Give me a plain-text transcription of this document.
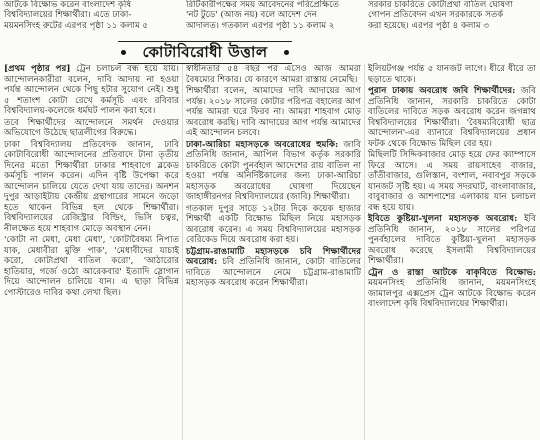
আটকে বিক্ষোভ করেন বাংলাদেশ কৃষি

বিশ্ববিদ্যালয়ের শিক্ষার্থীরা। এতে ঢাকা-

ময়মনসিংহ রুটের এরপর পৃষ্ঠা ১১ কলাম ৫

রিটিকারীপক্ষের সময় আবেদনের পরিপ্রেক্ষিতে

'নট টুডে' (আজ নয়) বলে আদেশ দেন

আদালত। গতকাল এরপর পৃষ্ঠা ১১ কলাম ২

সরকার চাকরিতে কোটাপ্রথা বাতিল ঘোষণা

গোপন প্রতিবেদন এখন সরকারকে সতর্ক

করা হয়েছে। এরপর পৃষ্ঠা ৪ কলাম ৩

কোটাবিরোধী উত্তাল

[প্রথম পৃষ্ঠার পর] ট্রেন চলাচল বন্ধ হয়ে যায়। আন্দোলনকারীরা বলেন, দাবি আদায় না হওয়া পর্যন্ত আন্দোলন থেকে পিছু হটার সুযোগ নেই। শুধু ৫ শতাংশ কোটা রেখে কর্মসূচি এবং রবিবার বিশ্ববিদ্যালয়-কলেজে ধর্মঘট পালন করা হবে।

তবে শিক্ষার্থীদের আন্দোলনে সমর্থন দেওয়ার অভিযোগে উঠেছে ছাত্রলীগের বিরুদ্ধে।

ঢাকা বিশ্ববিদ্যালয় প্রতিবেদক জানান, ঢাবি কোটাবিরোধী আন্দোলনের প্রতিবাদে টানা তৃতীয় দিনের মতো শিক্ষার্থীরা ঢাকার শাহবাগে ব্লকেড কর্মসূচি পালন করেন। এদিন বৃষ্টি উপেক্ষা করে আন্দোলন চালিয়ে যেতে দেখা যায় তাদের। অনশন দুপুর আড়াইটায় কেন্দ্রীয় গ্রন্থাগারের সামনে জড়ো হতে থাকেন বিভিন্ন হল থেকে শিক্ষার্থীরা। বিশ্ববিদ্যালয়ের রেজিস্ট্রার বিল্ডিং, ভিসি চত্বর, নীলক্ষেত হয়ে শাহবাগ মোড়ে অবস্থান নেন।

'কোটা না মেধা, মেধা মেধা', 'কোটাবৈষম্য নিপাত যাক, মেধাবীরা মুক্তি পাক', 'মেধাবীদের যাচাই করো, কোটাপ্রথা বাতিল করো', 'আঠারোর হাতিয়ার, গর্জে ওঠো আরেকবার' ইত্যাদি স্লোগান দিয়ে আন্দোলন চালিয়ে যান। এ ছাড়া বিভিন্ন পোস্টারেও দাবির কথা লেখা ছিল।

স্বাধীনতার ৫৪ বছর পর এসেও আজ আমরা বৈষম্যের শিকার। যে কারণে আমরা রাস্তায় নেমেছি।

শিক্ষার্থীরা বলেন, আমাদের দাবি আদায়ের আগ পর্যন্ত। ২০১৮ সালের কোটার পরিপত্র বহালের আগ পর্যন্ত আমরা ঘরে ফিরব না। আমরা শাহবাগ মোড় অবরোধ করছি। দাবি আদায়ের আগ পর্যন্ত আমাদের এই আন্দোলন চলবে।

ঢাকা-আরিচা মহাসড়কে অবরোধের হুমকি: জাবি প্রতিনিধি জানান, আপিল বিভাগ কর্তৃক সরকারি চাকরিতে কোটা পুনর্বহাল আদেশের রায় বাতিল না হওয়া পর্যন্ত অনির্দিষ্টকালের জন্য ঢাকা-আরিচা মহাসড়ক অবরোধের ঘোষণা দিয়েছেন জাহাঙ্গীরনগর বিশ্ববিদ্যালয়ের (জাবি) শিক্ষার্থীরা।

গতকাল দুপুর সাড়ে ১২টার দিকে কয়েক হাজার শিক্ষার্থী একটি বিক্ষোভ মিছিল নিয়ে মহাসড়ক অবরোধ করেন। এ সময় বিশ্ববিদ্যালয়ের মহাসড়ক বেরিকেড দিয়ে অবরোধ করা হয়।

চট্টগ্রাম-রাঙামাটি মহাসড়কে চবি শিক্ষার্থীদের অবরোধ: চবি প্রতিনিধি জানান, কোটা বাতিলের দাবিতে আন্দোলনে নেমে চট্টগ্রাম-রাঙামাটি মহাসড়ক অবরোধ করেন শিক্ষার্থীরা।

ইলিয়টগঞ্জ পর্যন্ত ৫ যানজট লাগে। ধীরে ধীরে তা ছড়াতে থাকে।

পুরান ঢাকায় অবরোধ জবি শিক্ষার্থীদের: জবি প্রতিনিধি জানান, সরকারি চাকরিতে কোটা বাতিলের দাবিতে সড়ক অবরোধ করেন জগন্নাথ বিশ্ববিদ্যালয়ের শিক্ষার্থীরা। 'বৈষম্যবিরোধী ছাত্র আন্দোলন'-এর ব্যানারে বিশ্ববিদ্যালয়ের প্রধান ফটক থেকে বিক্ষোভ মিছিল বের হয়।

মিছিলটি সিদ্দিকবাজার মোড় হয়ে ফের ক্যাম্পাসে ফিরে আসে। এ সময় রায়সাহেব বাজার, তাঁতীবাজার, গুলিস্তান, বংশাল, নবাবপুর সড়কে যানজট সৃষ্টি হয়। এ সময় সদরঘাট, বাংলাবাজার, বাবুবাজার ও আশপাশের এলাকায় যান চলাচল বন্ধ হয়ে যায়।

ইবিতে কুষ্টিয়া-খুলনা মহাসড়ক অবরোধ: ইবি প্রতিনিধি জানান, ২০১৮ সালের পরিপত্র পুনর্বহালের দাবিতে কুষ্টিয়া-খুলনা মহাসড়ক অবরোধ করেছে ইসলামী বিশ্ববিদ্যালয়ের শিক্ষার্থীরা।

ট্রেন ও রাস্তা আটকে বাকৃবিতে বিক্ষোভ: ময়মনসিংহ প্রতিনিধি জানান, ময়মনসিংহে জামালপুর এক্সপ্রেস ট্রেন আটকে বিক্ষোভ করেন বাংলাদেশ কৃষি বিশ্ববিদ্যালয়ের শিক্ষার্থীরা।
